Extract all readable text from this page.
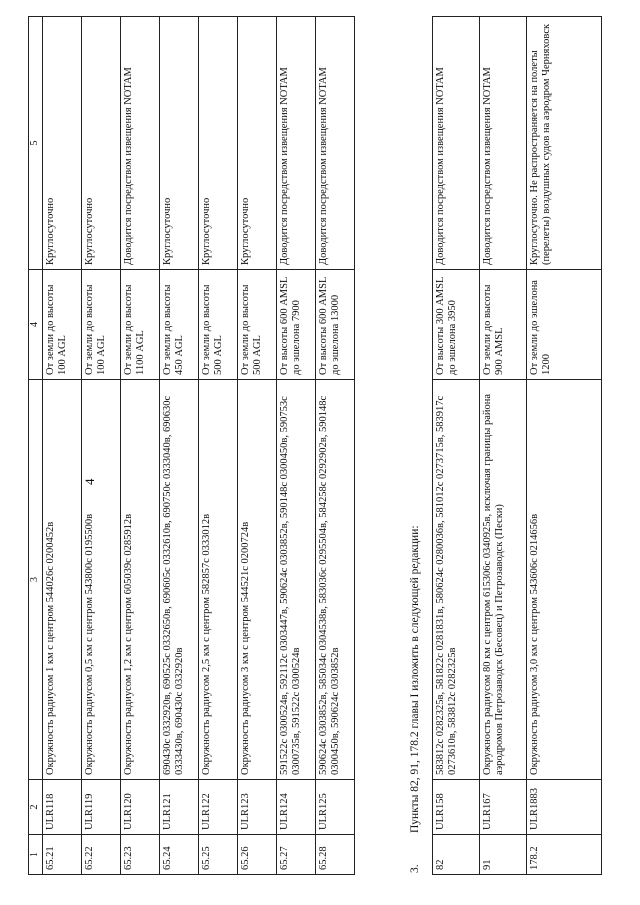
4
1	2	3	4	5
65.21	ULR118	Окружность радиусом 1 км с центром 544026с 0200452в	От земли до высоты 100 AGL	Круглосуточно
65.22	ULR119	Окружность радиусом 0,5 км с центром 543800с 0195500в	От земли до высоты 100 AGL	Круглосуточно
65.23	ULR120	Окружность радиусом 1,2 км с центром 605039с 0285912в	От земли до высоты 1100 AGL	Доводится посредством извещения NOTAM
65.24	ULR121	690430с 0332920в, 690525с 0332650в, 690605с 0332610в, 690750с 0333040в, 690630с 0333430в, 690430с 0332920в	От земли до высоты 450 AGL	Круглосуточно
65.25	ULR122	Окружность радиусом 2,5 км с центром 582857с 0333012в	От земли до высоты 500 AGL	Круглосуточно
65.26	ULR123	Окружность радиусом 3 км с центром 544521с 0200724в	От земли до высоты 500 AGL	Круглосуточно
65.27	ULR124	591522с 0300524в, 592112с 0303447в, 590624с 0303852в, 590148с 0300450в, 590753с 0300735в, 591522с 0300524в	От высоты 600 AMSL до эшелона 7900	Доводится посредством извещения NOTAM
65.28	ULR125	590624с 0303852в, 585034с 0304538в, 583036с 0295504в, 584258с 0292902в, 590148с 0300450в, 590624с 0303852в	От высоты 600 AMSL до эшелона 13000	Доводится посредством извещения NOTAM
3.Пункты 82, 91, 178.2 главы I изложить в следующей редакции:
82	ULR158	583812с 0282325в, 581822с 0281831в, 580624с 0280036в, 581012с 0273715в, 583917с 0273610в, 583812с 0282325в	От высоты 300 AMSL до эшелона 3950	Доводится посредством извещения NOTAM
91	ULR167	Окружность радиусом 80 км с центром 615306с 0340925в, исключая границы района аэродромов Петрозаводск (Бесовец) и Петрозаводск (Пески)	От земли до высоты 900 AMSL	Доводится посредством извещения NOTAM
178.2	ULR1883	Окружность радиусом 3,0 км с центром 543606с 0214656в	От земли до эшелона 1200	Круглосуточно. Не распространяется на полеты (перелеты) воздушных судов на аэродром Черняховск
